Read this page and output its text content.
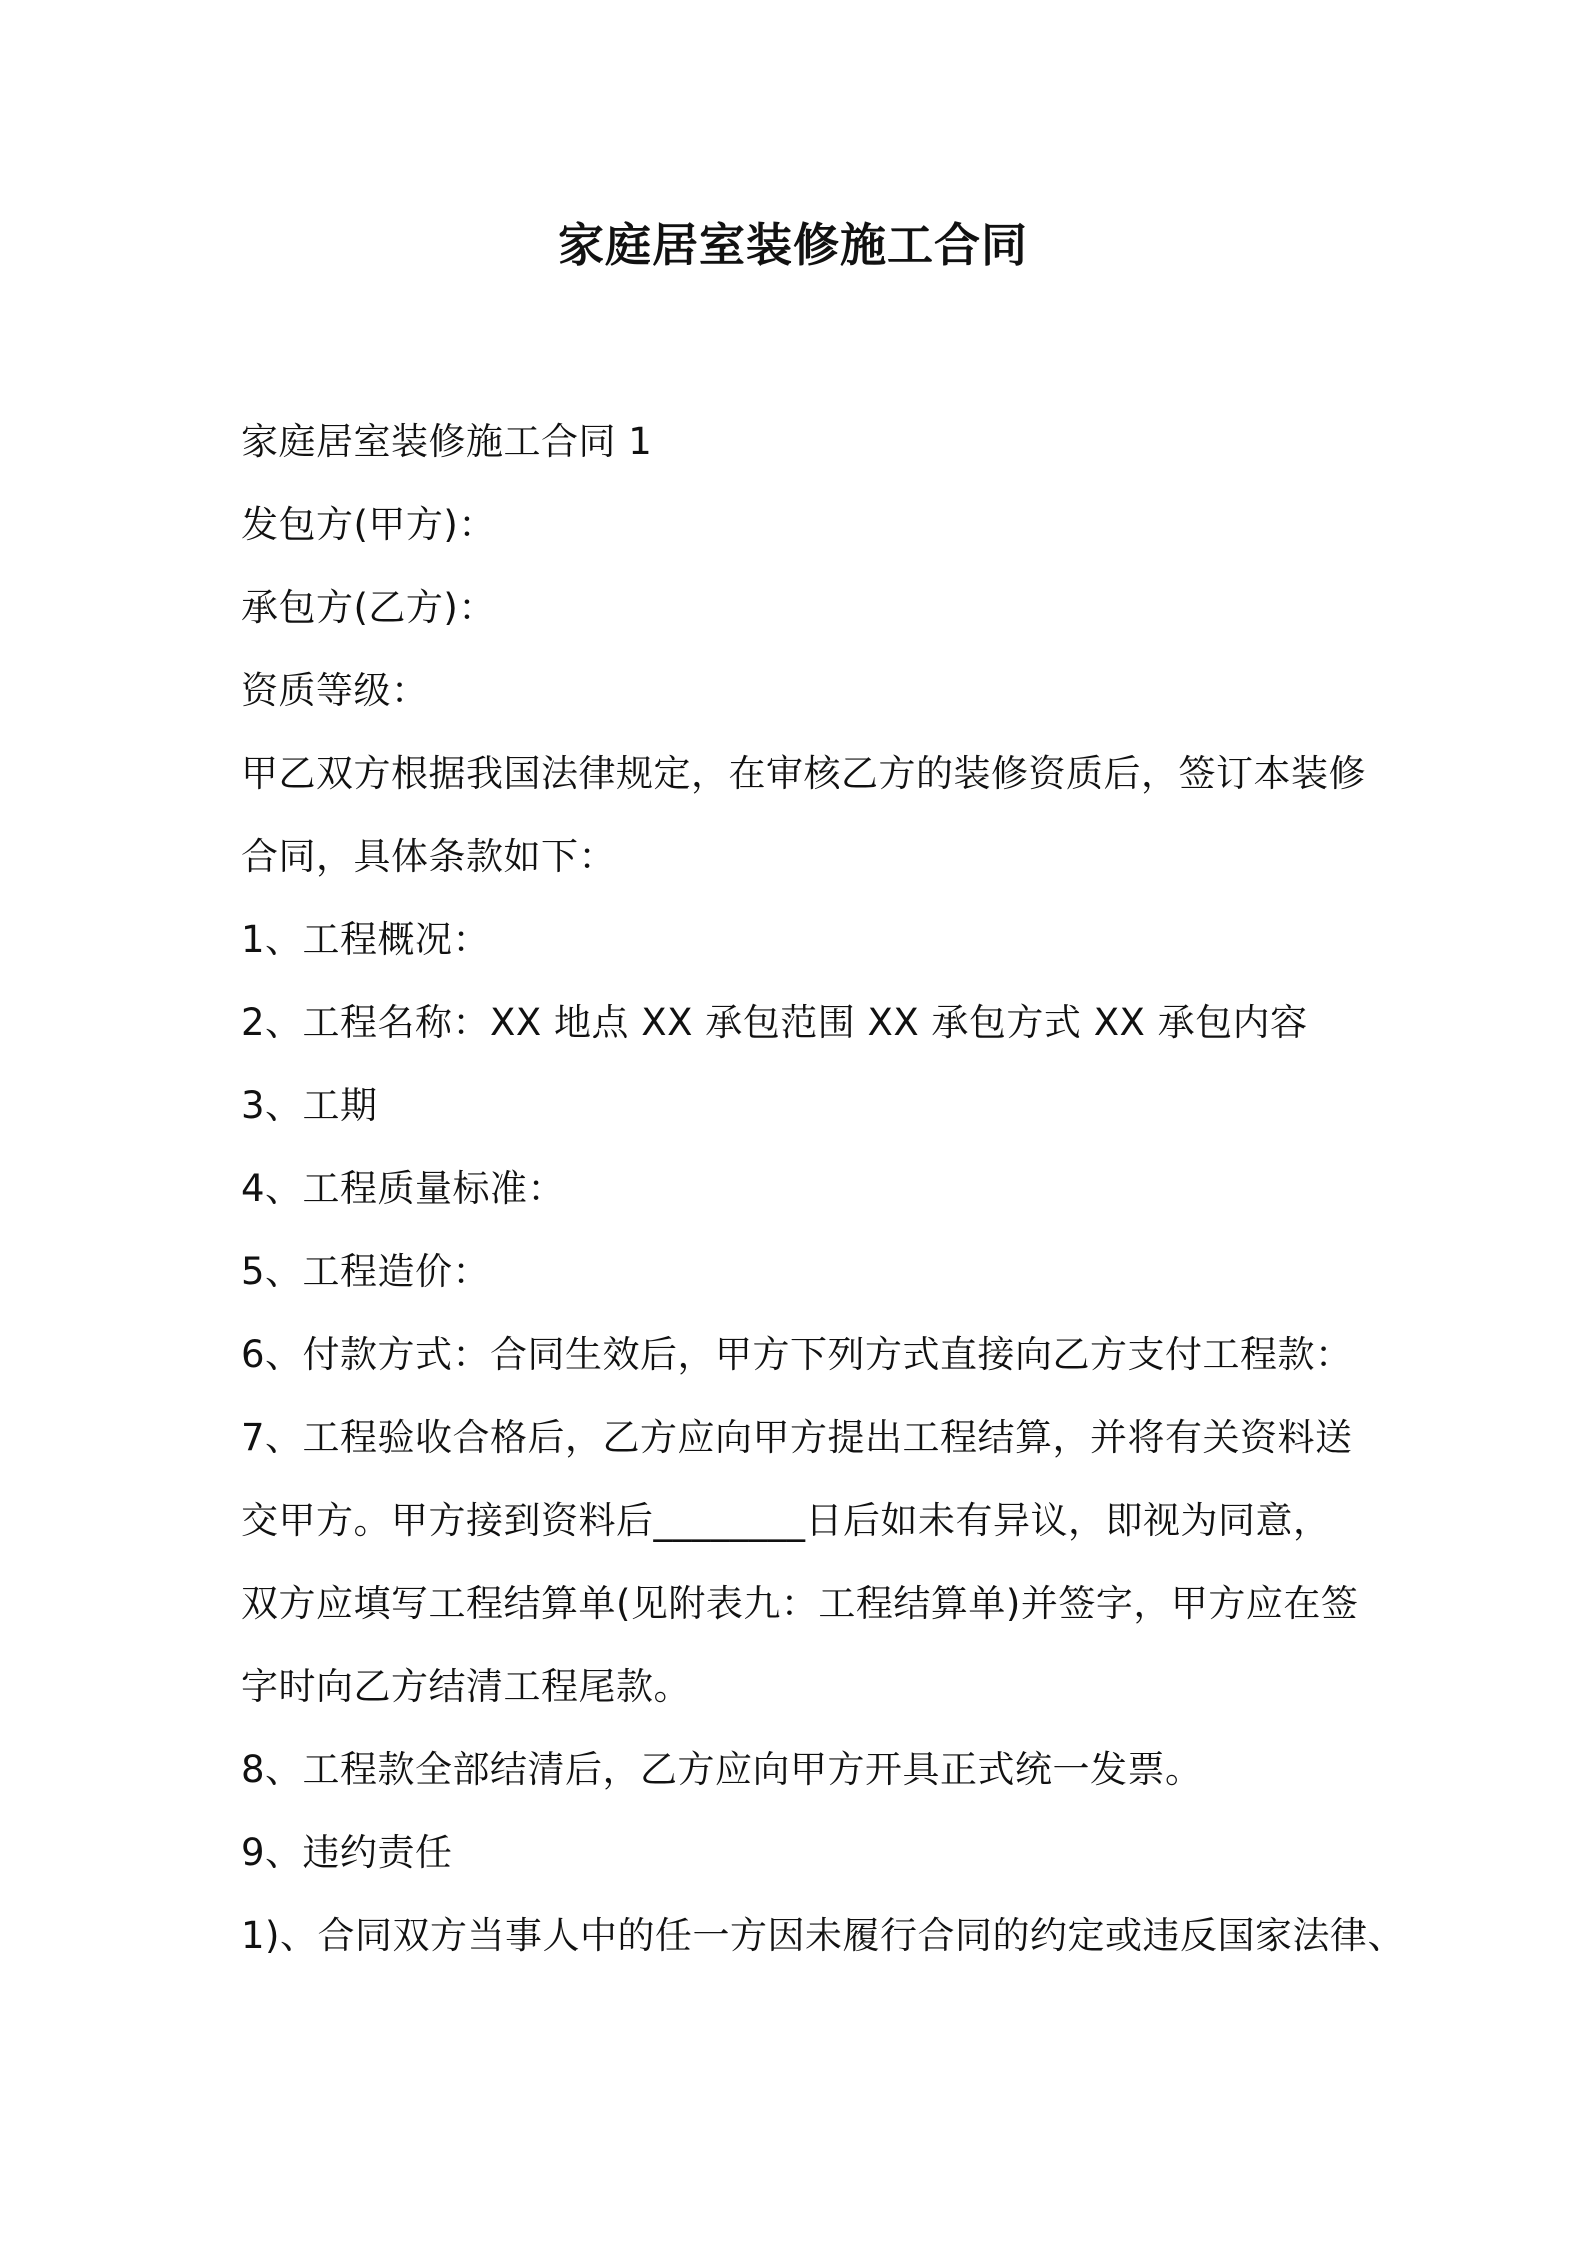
家庭居室装修施工合同
家庭居室装修施工合同 1
发包方(甲方)：
承包方(乙方)：
资质等级：
甲乙双方根据我国法律规定，在审核乙方的装修资质后，签订本装修
合同，具体条款如下：
1、工程概况：
2、工程名称：XX 地点 XX 承包范围 XX 承包方式 XX 承包内容
3、工期
4、工程质量标准：
5、工程造价：
6、付款方式：合同生效后，甲方下列方式直接向乙方支付工程款：
7、工程验收合格后，乙方应向甲方提出工程结算，并将有关资料送
交甲方。甲方接到资料后________日后如未有异议，即视为同意，
双方应填写工程结算单(见附表九：工程结算单)并签字，甲方应在签
字时向乙方结清工程尾款。
8、工程款全部结清后，乙方应向甲方开具正式统一发票。
9、违约责任
1)、合同双方当事人中的任一方因未履行合同的约定或违反国家法律、
